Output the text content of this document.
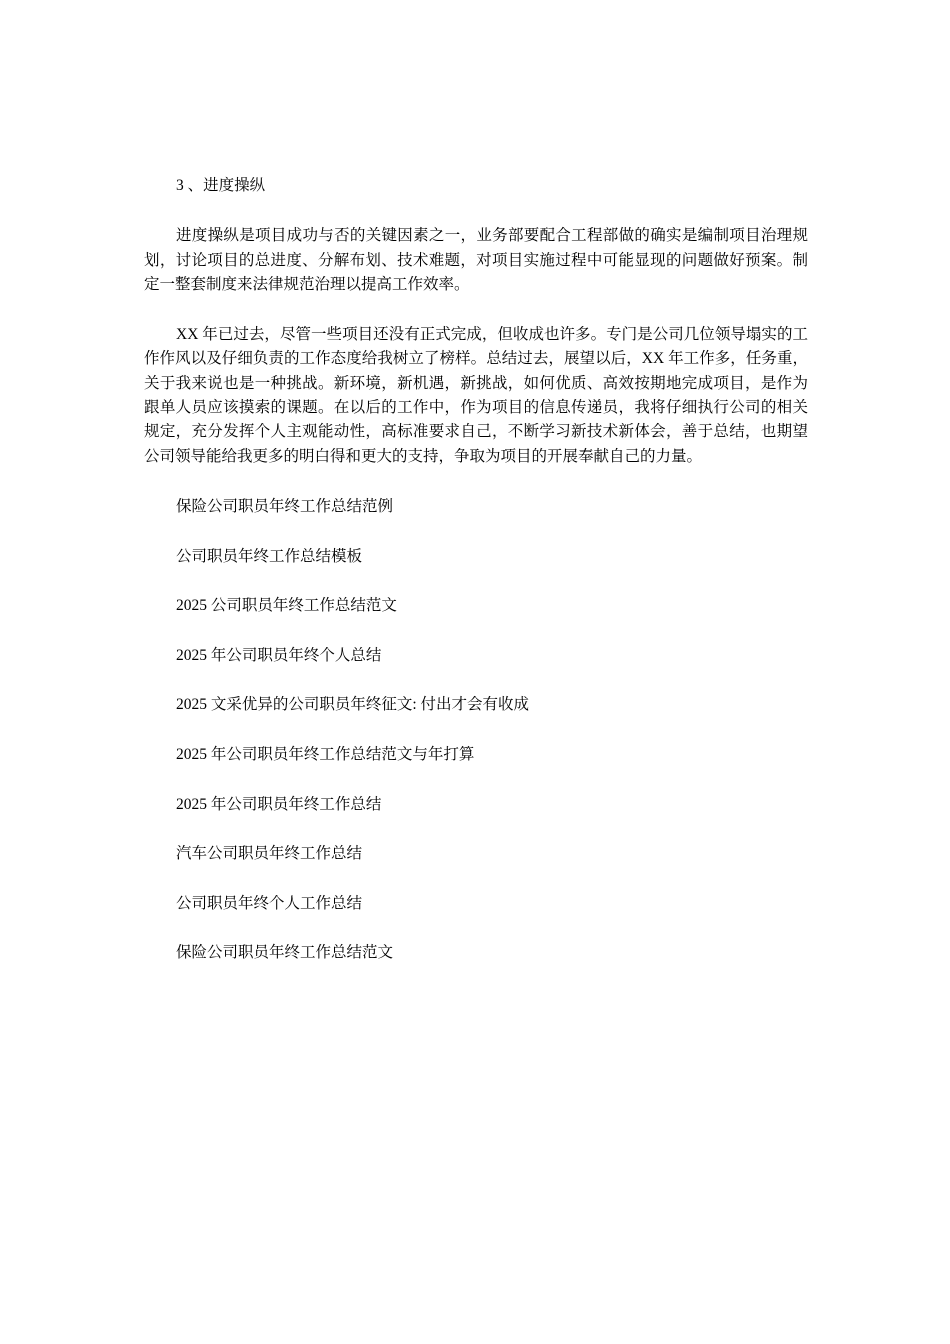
3 、进度操纵

进度操纵是项目成功与否的关键因素之一，业务部要配合工程部做的确实是编制项目治理规划，讨论项目的总进度、分解布划、技术难题，对项目实施过程中可能显现的问题做好预案。制定一整套制度来法律规范治理以提高工作效率。

XX 年已过去，尽管一些项目还没有正式完成，但收成也许多。专门是公司几位领导塌实的工作作风以及仔细负责的工作态度给我树立了榜样。总结过去，展望以后，XX 年工作多，任务重，关于我来说也是一种挑战。新环境，新机遇，新挑战，如何优质、高效按期地完成项目，是作为跟单人员应该摸索的课题。在以后的工作中，作为项目的信息传递员，我将仔细执行公司的相关规定，充分发挥个人主观能动性，高标准要求自己，不断学习新技术新体会，善于总结，也期望公司领导能给我更多的明白得和更大的支持，争取为项目的开展奉献自己的力量。

保险公司职员年终工作总结范例
公司职员年终工作总结模板
2025 公司职员年终工作总结范文
2025 年公司职员年终个人总结
2025 文采优异的公司职员年终征文: 付出才会有收成
2025 年公司职员年终工作总结范文与年打算
2025 年公司职员年终工作总结
汽车公司职员年终工作总结
公司职员年终个人工作总结
保险公司职员年终工作总结范文
